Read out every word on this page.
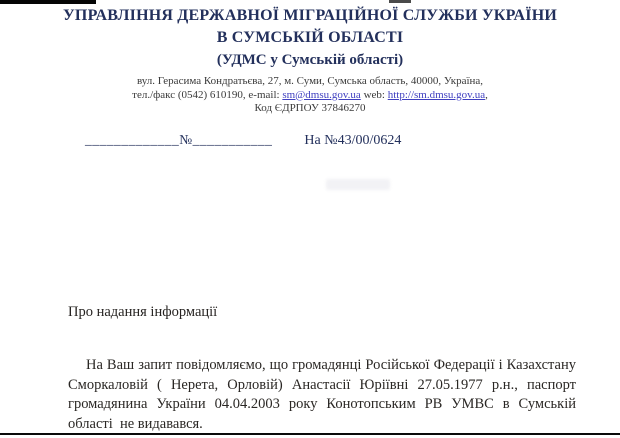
УПРАВЛІННЯ ДЕРЖАВНОЇ МІГРАЦІЙНОЇ СЛУЖБИ УКРАЇНИ
В СУМСЬКІЙ ОБЛАСТІ
(УДМС у Сумській області)
вул. Герасима Кондратьєва, 27, м. Суми, Сумська область, 40000, Україна,
тел./факс (0542) 610190, e-mail: sm@dmsu.gov.ua web: http://sm.dmsu.gov.ua,
Код ЄДРПОУ 37846270
_____________№___________ На №43/00/0624
Про надання інформації
На Ваш запит повідомляємо, що громадянці Російської Федерації і Казахстану
Сморкаловій ( Нерета, Орловій) Анастасії Юріївні 27.05.1977 р.н., паспорт
громадянина України 04.04.2003 року Конотопським РВ УМВС в Сумській
області  не видавався.
